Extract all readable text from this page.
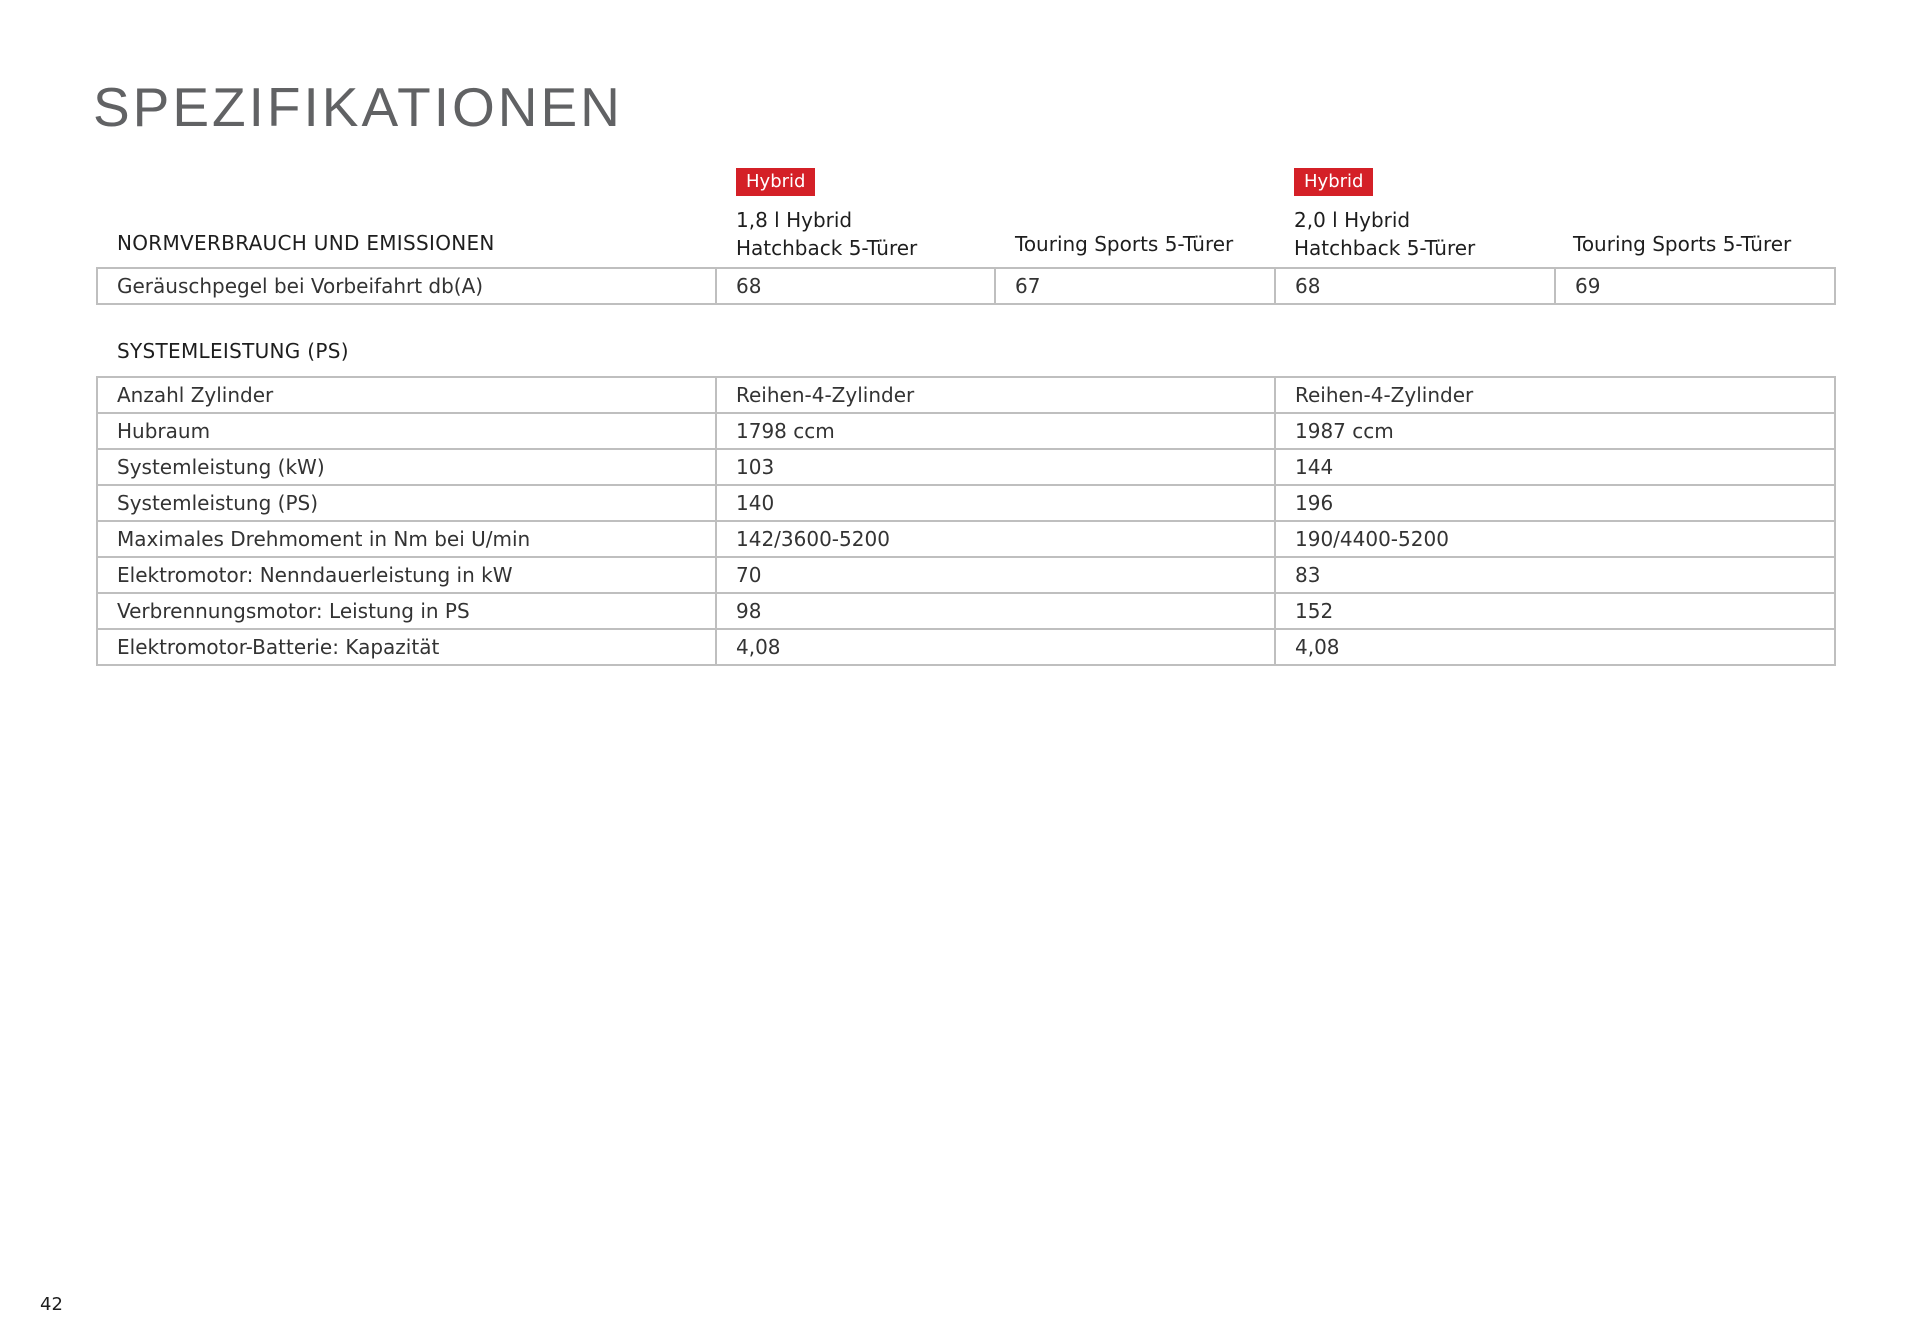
SPEZIFIKATIONEN
NORMVERBRAUCH UND EMISSIONEN
Hybrid
1,8 l Hybrid
Hatchback 5-Türer	Touring Sports 5-Türer
Hybrid
2,0 l Hybrid
Hatchback 5-Türer	Touring Sports 5-Türer
Geräuschpegel bei Vorbeifahrt db(A)	68	67	68	69
SYSTEMLEISTUNG (PS)
Anzahl Zylinder	Reihen-4-Zylinder	Reihen-4-Zylinder
Hubraum	1798 ccm	1987 ccm
Systemleistung (kW)	103	144
Systemleistung (PS)	140	196
Maximales Drehmoment in Nm bei U/min	142/3600-5200	190/4400-5200
Elektromotor: Nenndauerleistung in kW	70	83
Verbrennungsmotor: Leistung in PS	98	152
Elektromotor-Batterie: Kapazität	4,08	4,08
42
